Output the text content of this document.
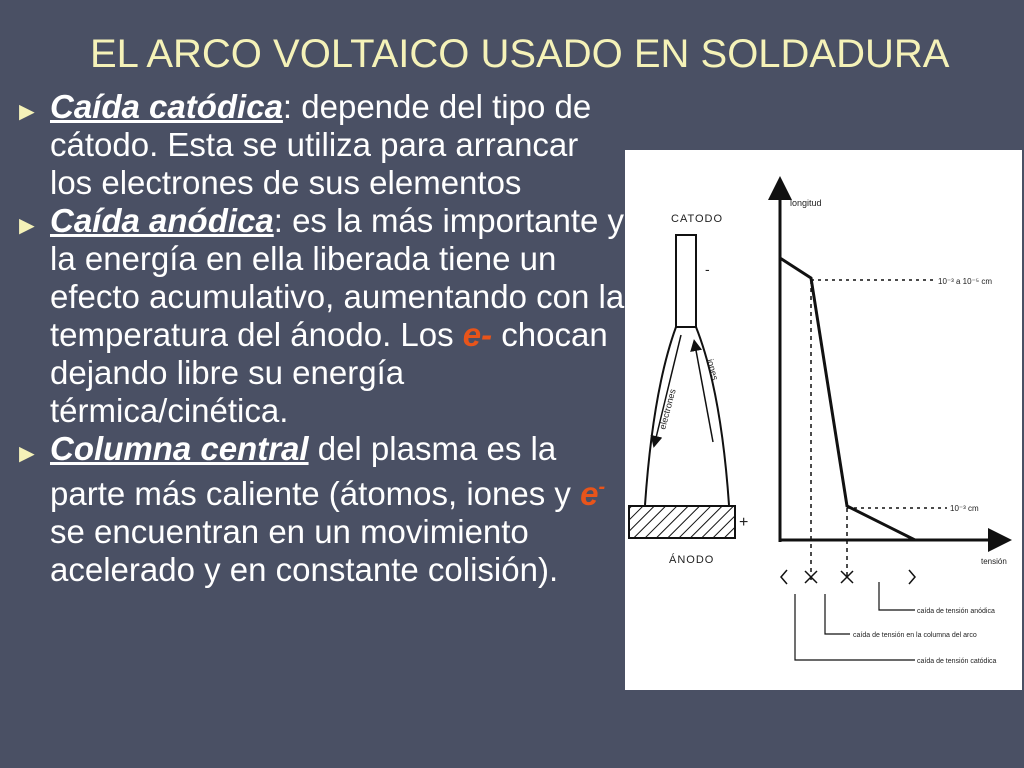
EL ARCO VOLTAICO USADO EN SOLDADURA
► Caída catódica: depende del tipo de cátodo. Esta se utiliza para arrancar los electrones de sus elementos
► Caída anódica: es la más importante y la energía en ella liberada tiene un efecto acumulativo, aumentando con la temperatura del ánodo. Los e- chocan dejando libre su energía térmica/cinética.
► Columna central del plasma es la parte más caliente (átomos, iones y e- se encuentran en un movimiento acelerado y en constante colisión).
CATODO
-
electrones
iones
+
ÁNODO
longitud
tensión
10⁻³ a 10⁻⁵ cm
10⁻³ cm
caída de tensión anódica
caída de tensión en la columna del arco
caída de tensión catódica
